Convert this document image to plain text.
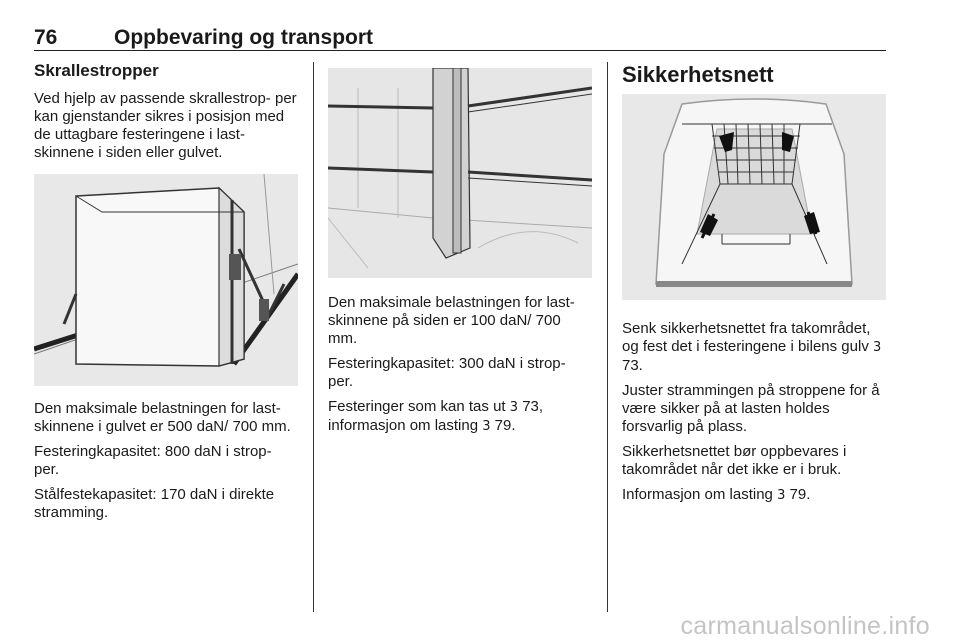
76	Oppbevaring og transport
Skrallestropper

Ved hjelp av passende skrallestrop- per kan gjenstander sikres i posisjon med de uttagbare festeringene i last- skinnene i siden eller gulvet.

Den maksimale belastningen for last- skinnene i gulvet er 500 daN/ 700 mm.

Festeringkapasitet: 800 daN i strop- per.

Stålfestekapasitet: 170 daN i direkte stramming.

Den maksimale belastningen for last- skinnene på siden er 100 daN/ 700 mm.

Festeringkapasitet: 300 daN i strop- per.

Festeringer som kan tas ut 3 73, informasjon om lasting 3 79.

Sikkerhetsnett

Senk sikkerhetsnettet fra takområdet, og fest det i festeringene i bilens gulv 3 73.

Juster strammingen på stroppene for å være sikker på at lasten holdes forsvarlig på plass.

Sikkerhetsnettet bør oppbevares i takområdet når det ikke er i bruk.

Informasjon om lasting 3 79.

carmanualsonline.info
